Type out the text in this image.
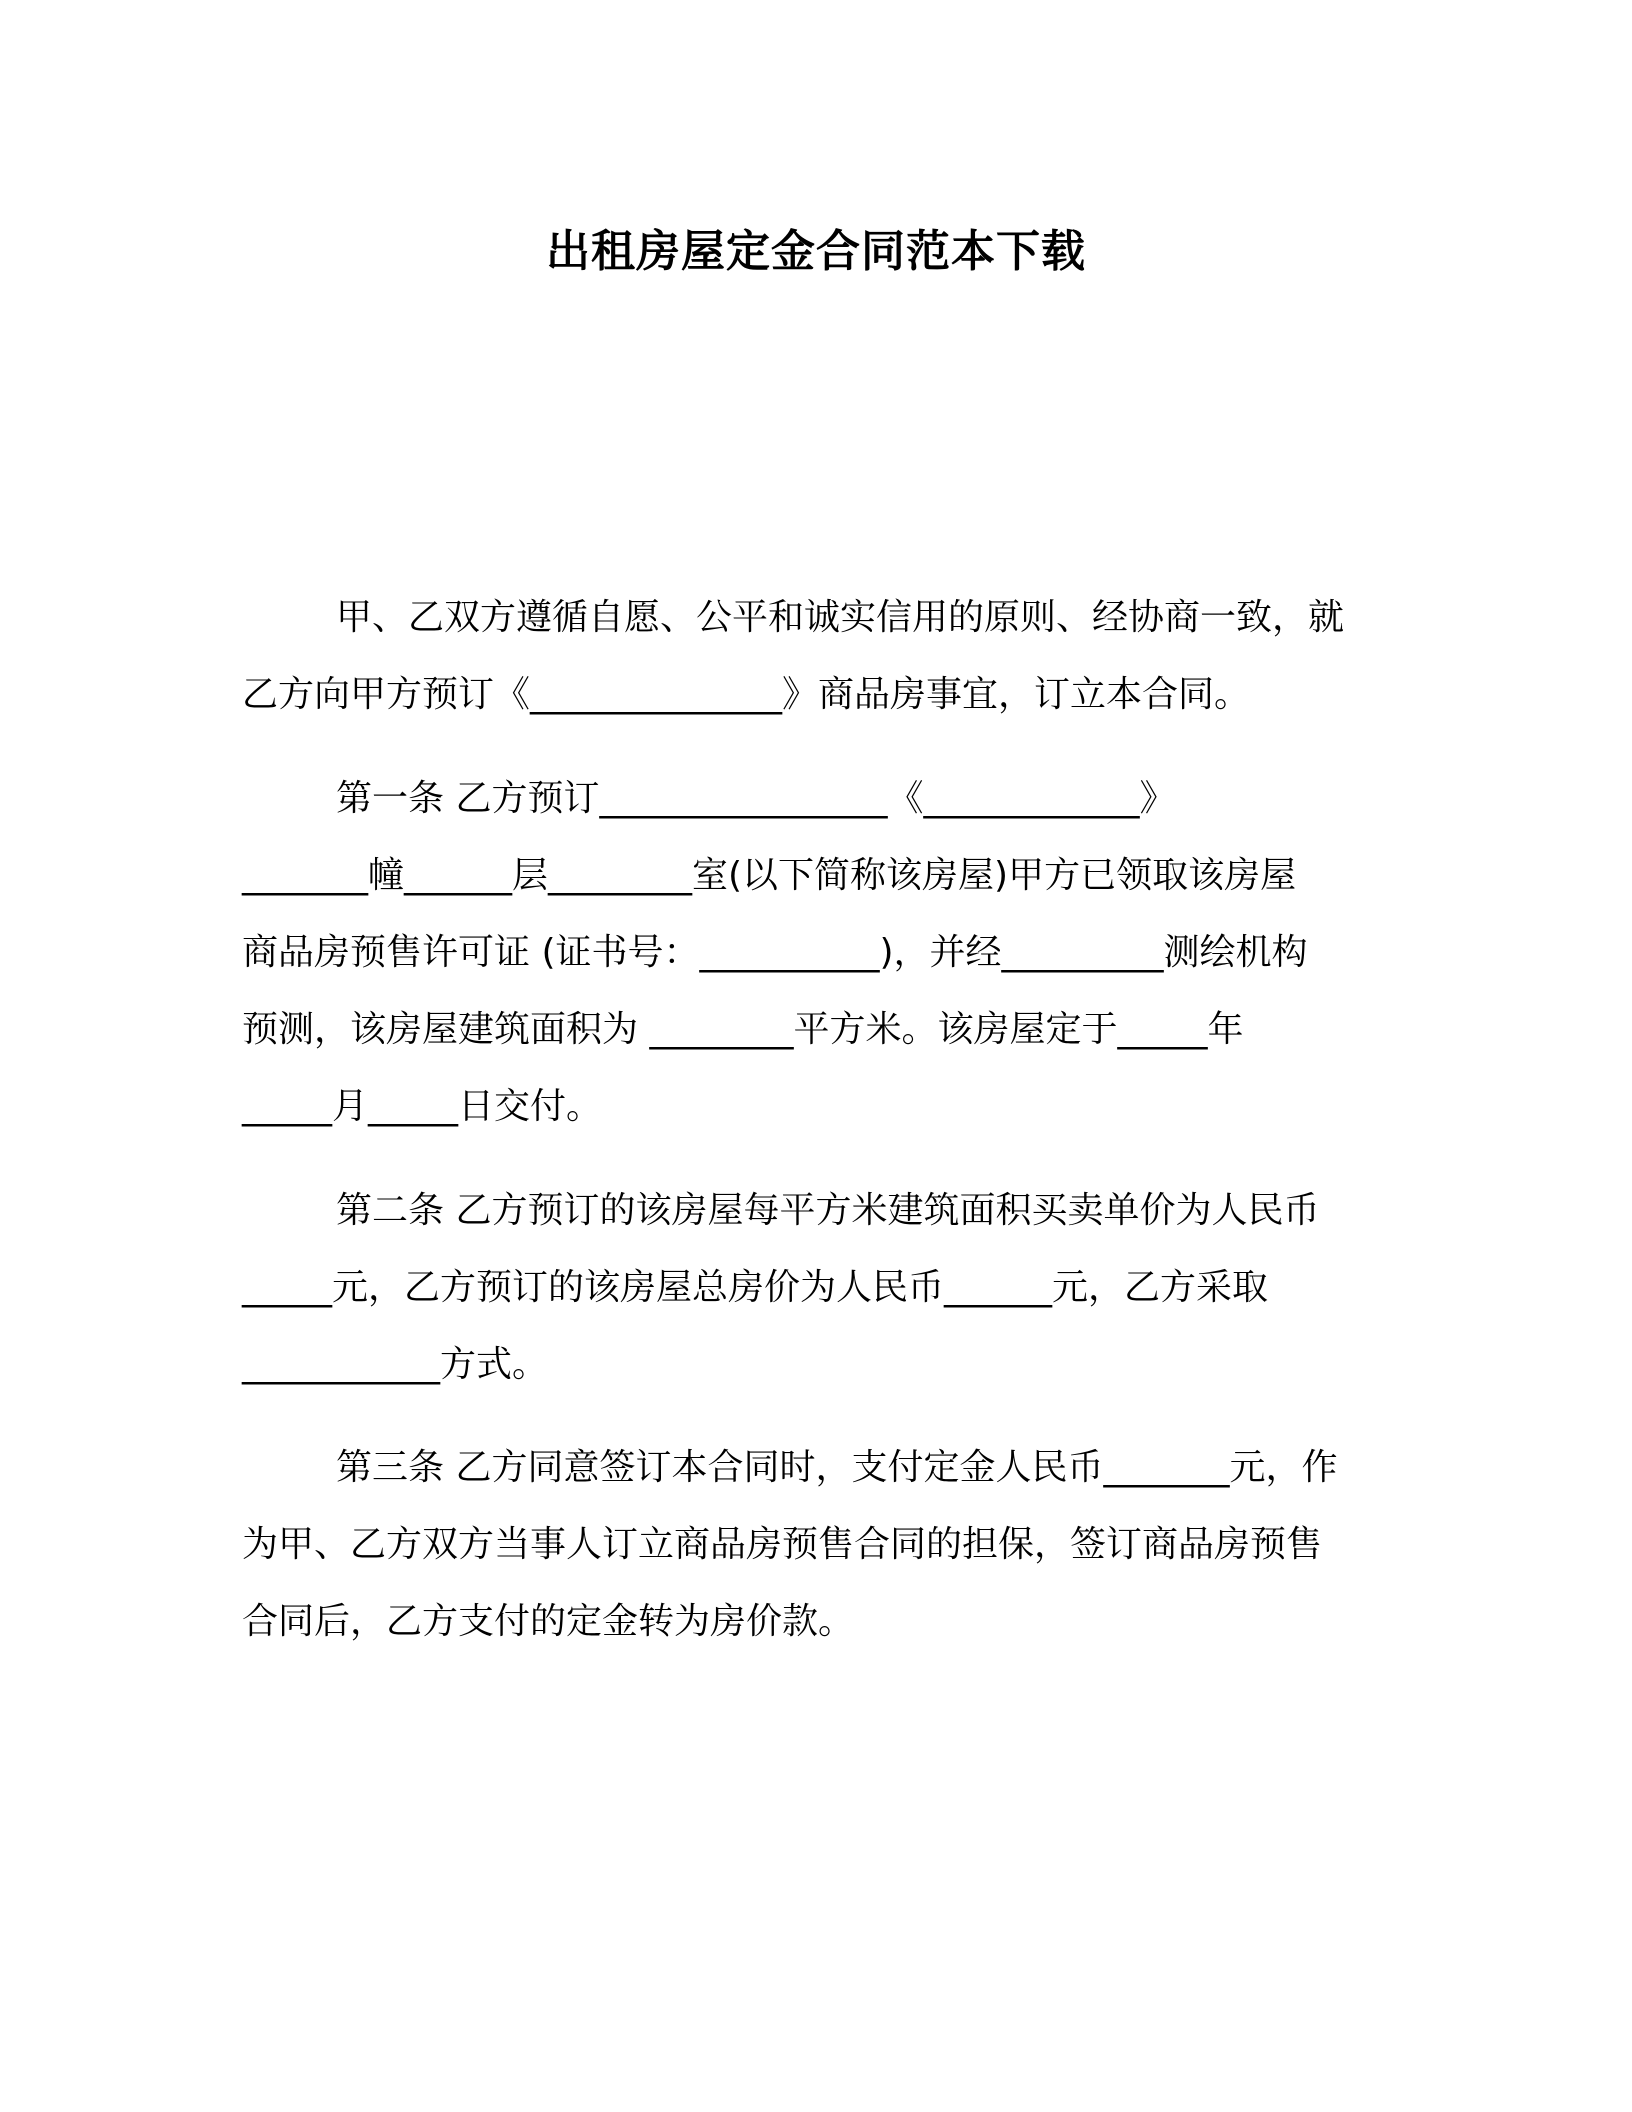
出租房屋定金合同范本下载

甲、乙双方遵循自愿、公平和诚实信用的原则、经协商一致，就

乙方向甲方预订《______________》商品房事宜，订立本合同。

第一条 乙方预订________________《____________》

_______幢______层________室(以下简称该房屋)甲方已领取该房屋

商品房预售许可证 (证书号：__________)，并经_________测绘机构

预测，该房屋建筑面积为 ________平方米。该房屋定于_____年

_____月_____日交付。

第二条 乙方预订的该房屋每平方米建筑面积买卖单价为人民币

_____元，乙方预订的该房屋总房价为人民币______元，乙方采取

___________方式。

第三条 乙方同意签订本合同时，支付定金人民币_______元，作

为甲、乙方双方当事人订立商品房预售合同的担保，签订商品房预售

合同后，乙方支付的定金转为房价款。
